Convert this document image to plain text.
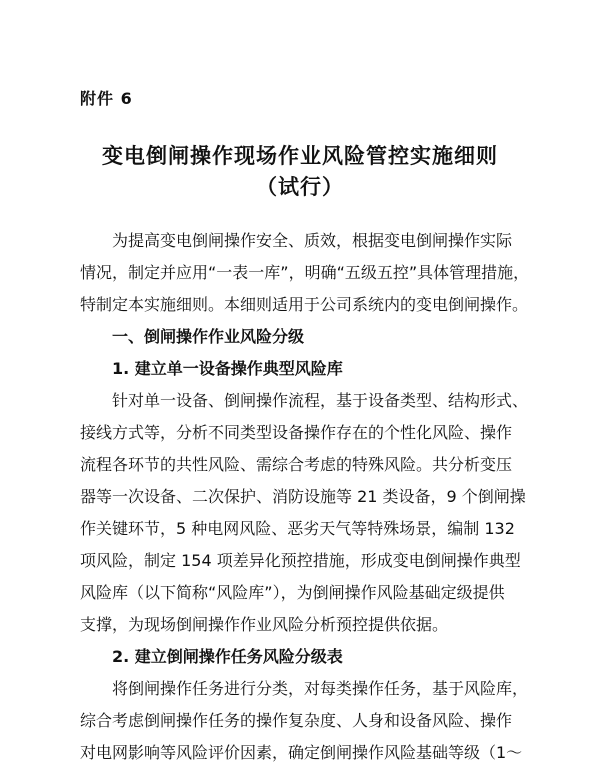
附件 6
变电倒闸操作现场作业风险管控实施细则
（试行）
为提高变电倒闸操作安全、质效，根据变电倒闸操作实际
情况，制定并应用“一表一库”，明确“五级五控”具体管理措施，
特制定本实施细则。本细则适用于公司系统内的变电倒闸操作。
一、倒闸操作作业风险分级
1. 建立单一设备操作典型风险库
针对单一设备、倒闸操作流程，基于设备类型、结构形式、
接线方式等，分析不同类型设备操作存在的个性化风险、操作
流程各环节的共性风险、需综合考虑的特殊风险。共分析变压
器等一次设备、二次保护、消防设施等 21 类设备，9 个倒闸操
作关键环节，5 种电网风险、恶劣天气等特殊场景，编制 132
项风险，制定 154 项差异化预控措施，形成变电倒闸操作典型
风险库（以下简称“风险库”），为倒闸操作风险基础定级提供
支撑，为现场倒闸操作作业风险分析预控提供依据。
2. 建立倒闸操作任务风险分级表
将倒闸操作任务进行分类，对每类操作任务，基于风险库，
综合考虑倒闸操作任务的操作复杂度、人身和设备风险、操作
对电网影响等风险评价因素，确定倒闸操作风险基础等级（1～
